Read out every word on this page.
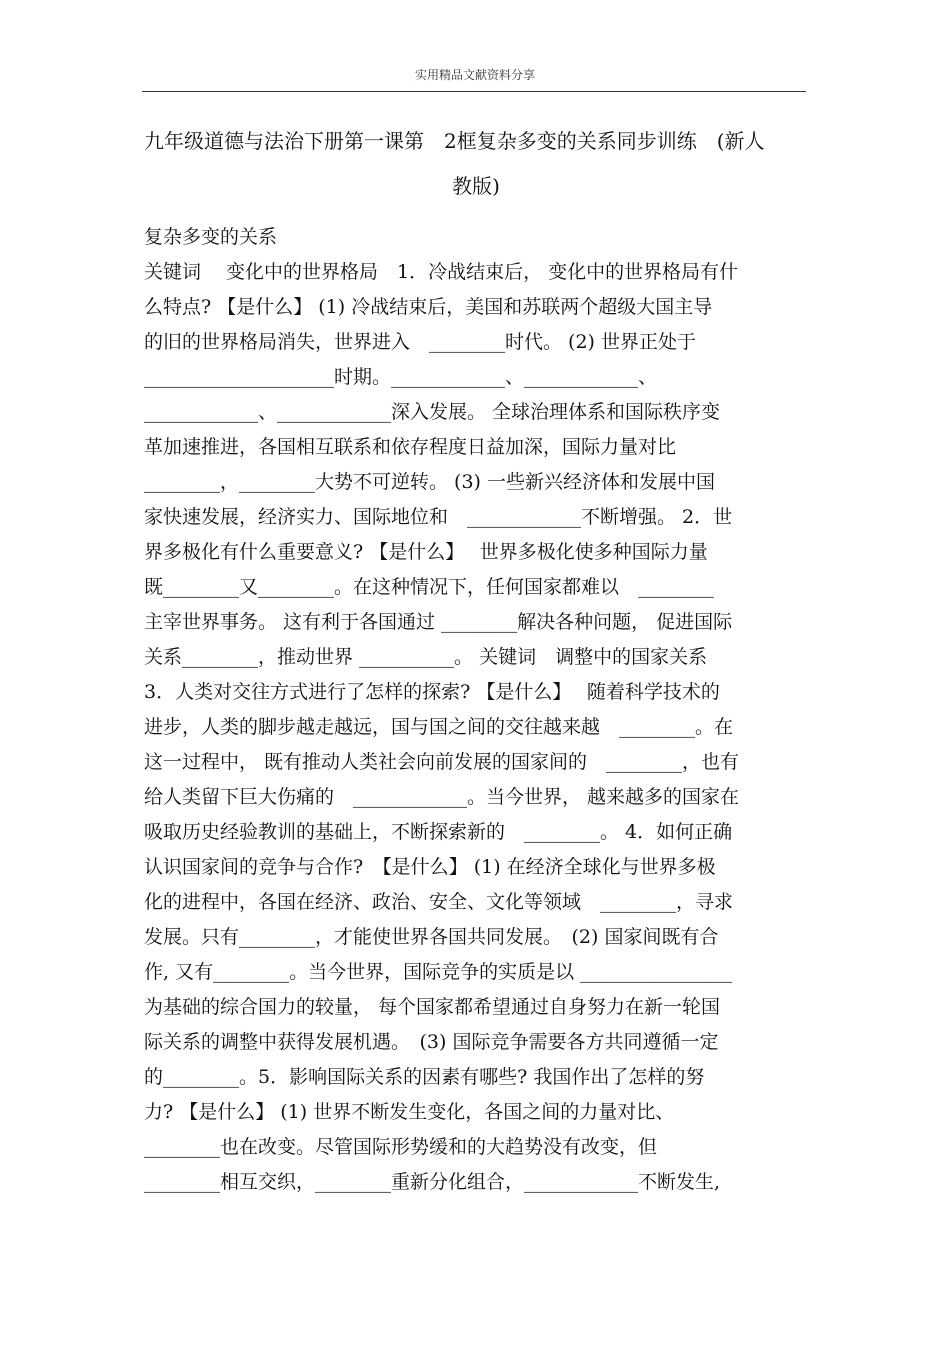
实用精品文献资料分享
九年级道德与法治下册第一课第　2框复杂多变的关系同步训练　(新人
教版)
复杂多变的关系
关键词　 变化中的世界格局　1．冷战结束后， 变化中的世界格局有什
么特点? 【是什么】 (1) 冷战结束后，美国和苏联两个超级大国主导
的旧的世界格局消失，世界进入　________时代。 (2) 世界正处于
____________________时期。____________、____________、
____________、____________深入发展。 全球治理体系和国际秩序变
革加速推进，各国相互联系和依存程度日益加深，国际力量对比
________，________大势不可逆转。 (3) 一些新兴经济体和发展中国
家快速发展，经济实力、国际地位和　____________不断增强。 2．世
界多极化有什么重要意义? 【是什么】　 世界多极化使多种国际力量
既________又________。在这种情况下，任何国家都难以　________
主宰世界事务。 这有利于各国通过 ________解决各种问题， 促进国际
关系________，推动世界 __________。 关键词　调整中的国家关系
3．人类对交往方式进行了怎样的探索? 【是什么】　 随着科学技术的
进步，人类的脚步越走越远，国与国之间的交往越来越　________。在
这一过程中， 既有推动人类社会向前发展的国家间的　________，也有
给人类留下巨大伤痛的　____________。当今世界， 越来越多的国家在
吸取历史经验教训的基础上，不断探索新的　________。 4．如何正确
认识国家间的竞争与合作?　【是什么】 (1) 在经济全球化与世界多极
化的进程中，各国在经济、政治、安全、文化等领域　________，寻求
发展。只有________，才能使世界各国共同发展。　(2) 国家间既有合
作, 又有________。当今世界，国际竞争的实质是以 ________________
为基础的综合国力的较量， 每个国家都希望通过自身努力在新一轮国
际关系的调整中获得发展机遇。　(3) 国际竞争需要各方共同遵循一定
的________。5．影响国际关系的因素有哪些? 我国作出了怎样的努
力? 【是什么】 (1) 世界不断发生变化，各国之间的力量对比、
________也在改变。尽管国际形势缓和的大趋势没有改变，但
________相互交织，________重新分化组合，____________不断发生,
